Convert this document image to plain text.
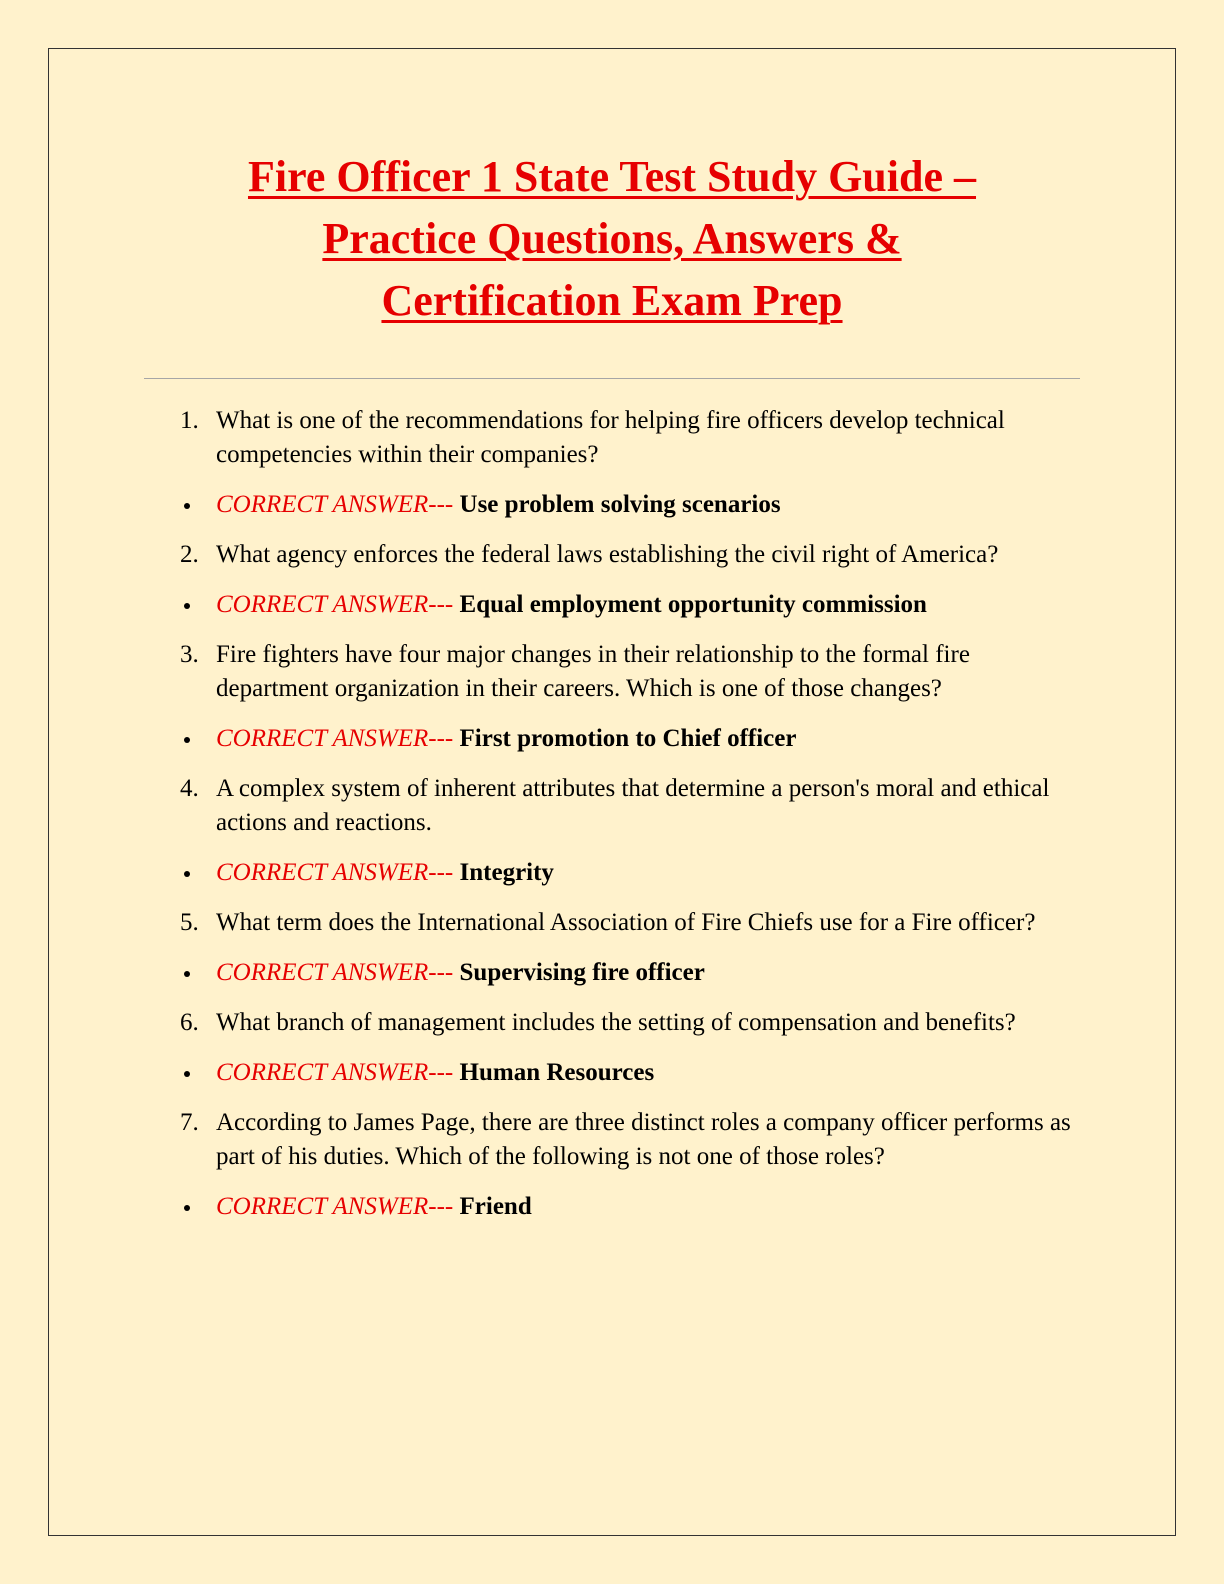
Fire Officer 1 State Test Study Guide –
Practice Questions, Answers &
Certification Exam Prep
1. What is one of the recommendations for helping fire officers develop technical competencies within their companies?
CORRECT ANSWER--- Use problem solving scenarios
2. What agency enforces the federal laws establishing the civil right of America?
CORRECT ANSWER--- Equal employment opportunity commission
3. Fire fighters have four major changes in their relationship to the formal fire department organization in their careers. Which is one of those changes?
CORRECT ANSWER--- First promotion to Chief officer
4. A complex system of inherent attributes that determine a person's moral and ethical actions and reactions.
CORRECT ANSWER--- Integrity
5. What term does the International Association of Fire Chiefs use for a Fire officer?
CORRECT ANSWER--- Supervising fire officer
6. What branch of management includes the setting of compensation and benefits?
CORRECT ANSWER--- Human Resources
7. According to James Page, there are three distinct roles a company officer performs as part of his duties. Which of the following is not one of those roles?
CORRECT ANSWER--- Friend
